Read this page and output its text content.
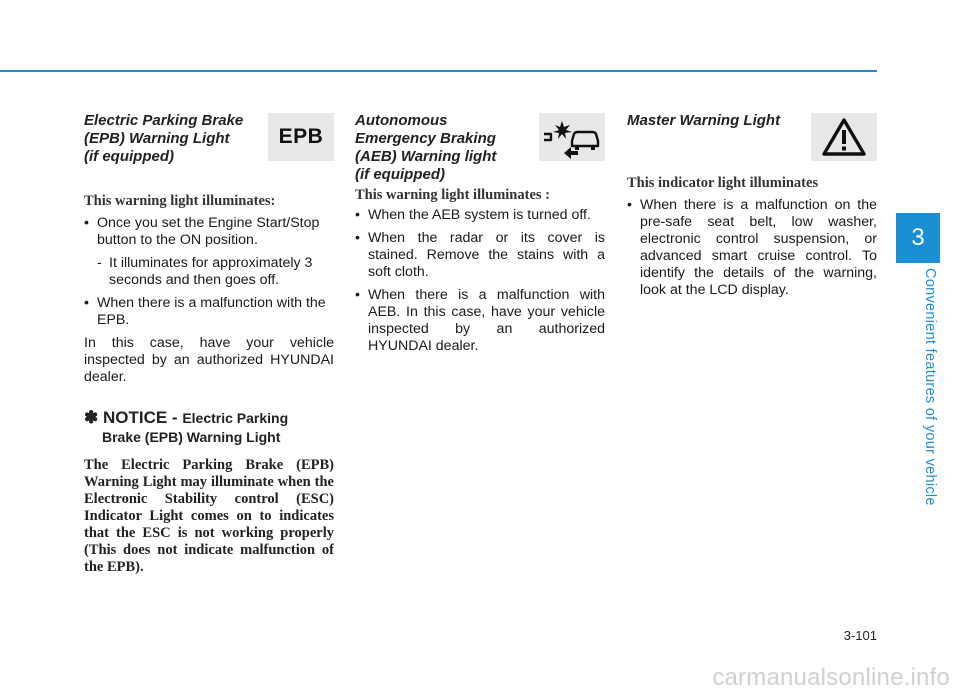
3
Convenient features of your vehicle
Electric Parking Brake
(EPB) Warning Light
(if equipped)
EPB

This warning light illuminates:

• Once you set the Engine Start/Stop button to the ON position.
- It illuminates for approximately 3 seconds and then goes off.
• When there is a malfunction with the EPB.

In this case, have your vehicle inspected by an authorized HYUNDAI dealer.

✽ NOTICE - Electric Parking
Brake (EPB) Warning Light

The Electric Parking Brake (EPB) Warning Light may illuminate when the Electronic Stability control (ESC) Indicator Light comes on to indicates that the ESC is not working properly (This does not indicate malfunction of the EPB).

Autonomous
Emergency Braking
(AEB) Warning light
(if equipped)

This warning light illuminates :

• When the AEB system is turned off.
• When the radar or its cover is stained. Remove the stains with a soft cloth.
• When there is a malfunction with AEB. In this case, have your vehicle inspected by an authorized HYUNDAI dealer.
Master Warning Light

This indicator light illuminates

• When there is a malfunction on the pre-safe seat belt, low washer, electronic control suspension, or advanced smart cruise control. To identify the details of the warning, look at the LCD display.
3-101
carmanualsonline.info
